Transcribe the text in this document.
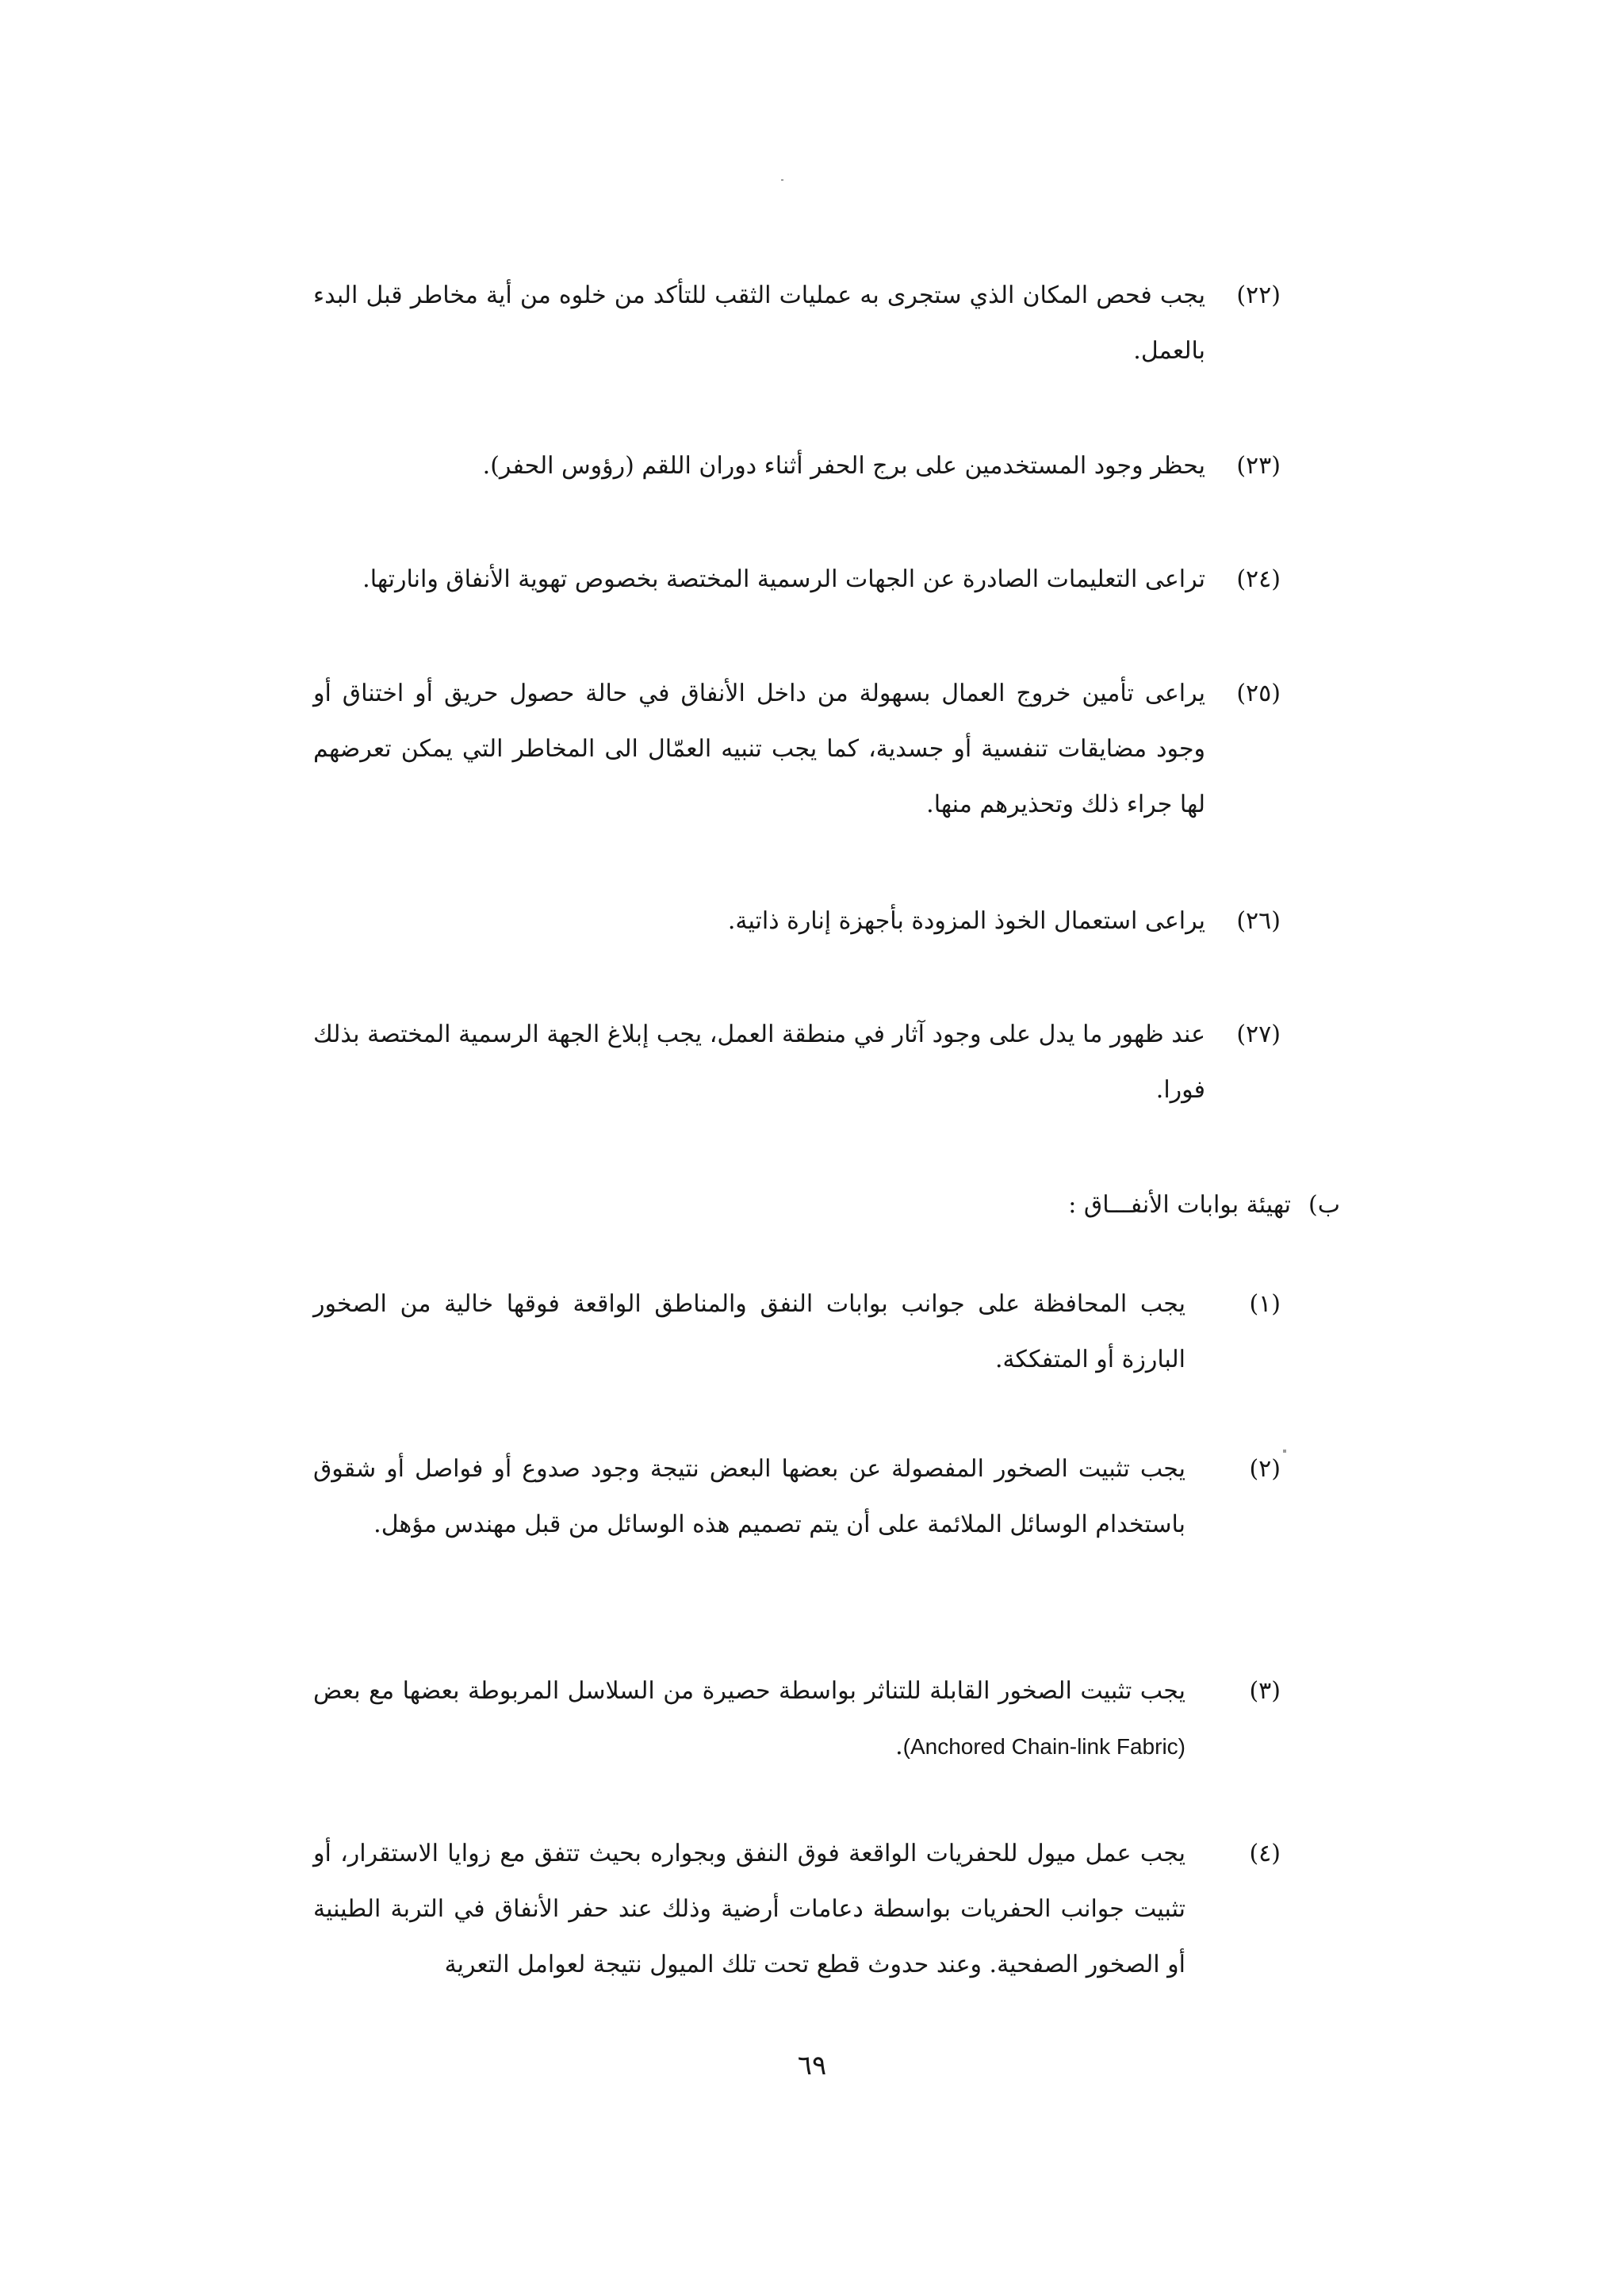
(٢٢)
يجب فحص المكان الذي ستجرى به عمليات الثقب للتأكد من خلوه من أية مخاطر قبل البدء بالعمل.
(٢٣)
يحظر وجود المستخدمين على برج الحفر أثناء دوران اللقم (رؤوس الحفر).
(٢٤)
تراعى التعليمات الصادرة عن الجهات الرسمية المختصة بخصوص تهوية الأنفاق وانارتها.
(٢٥)
يراعى تأمين خروج العمال بسهولة من داخل الأنفاق في حالة حصول حريق أو اختناق أو وجود مضايقات تنفسية أو جسدية، كما يجب تنبيه العمّال الى المخاطر التي يمكن تعرضهم لها جراء ذلك وتحذيرهم منها.
(٢٦)
يراعى استعمال الخوذ المزودة بأجهزة إنارة ذاتية.
(٢٧)
عند ظهور ما يدل على وجود آثار في منطقة العمل، يجب إبلاغ الجهة الرسمية المختصة بذلك فورا.
ب)تهيئة بوابات الأنفـــاق :
(١)
يجب المحافظة على جوانب بوابات النفق والمناطق الواقعة فوقها خالية من الصخور البارزة أو المتفككة.
(٢)
يجب تثبيت الصخور المفصولة عن بعضها البعض نتيجة وجود صدوع أو فواصل أو شقوق باستخدام الوسائل الملائمة على أن يتم تصميم هذه الوسائل من قبل مهندس مؤهل.
(٣)
يجب تثبيت الصخور القابلة للتناثر بواسطة حصيرة من السلاسل المربوطة بعضها مع بعض (Anchored Chain-link Fabric).
(٤)
يجب عمل ميول للحفريات الواقعة فوق النفق وبجواره بحيث تتفق مع زوايا الاستقرار، أو تثبيت جوانب الحفريات بواسطة دعامات أرضية وذلك عند حفر الأنفاق في التربة الطينية أو الصخور الصفحية. وعند حدوث قطع تحت تلك الميول نتيجة لعوامل التعرية
٦٩
